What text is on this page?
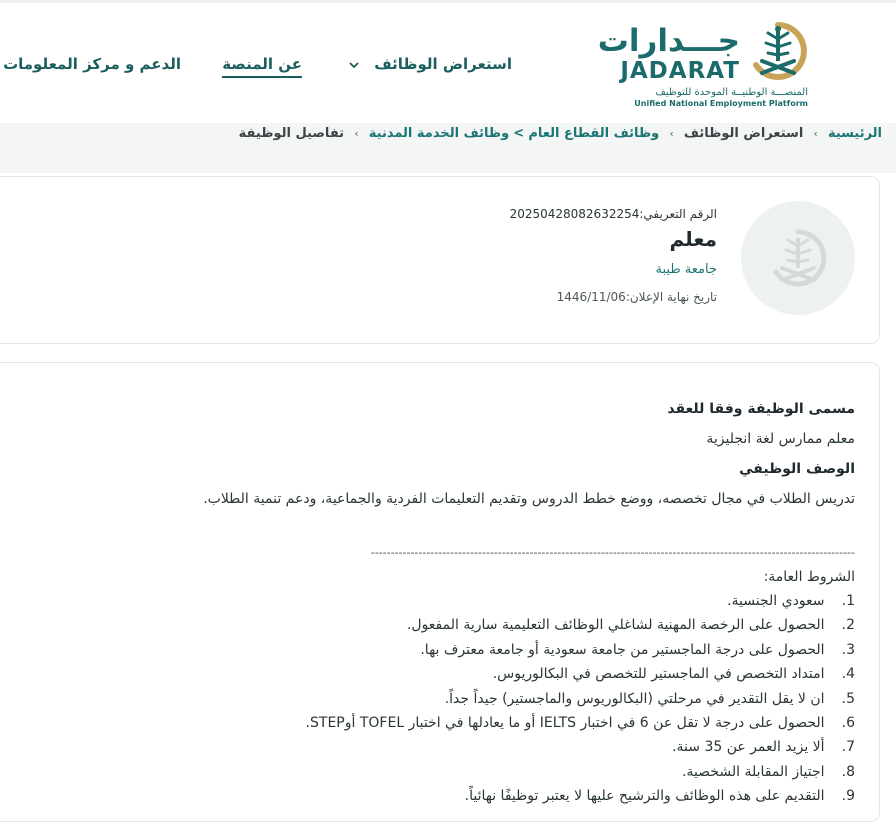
جـــدارات
JADARAT
المنصـــة الوطنيــة الموحدة للتوظيف
Unified National Employment Platform
استعراض الوظائف
عن المنصة
الدعم و مركز المعلومات
الرئيسية › استعراض الوظائف › وظائف القطاع العام > وظائف الخدمة المدنية › تفاصيل الوظيفة
الرقم التعريفي:20250428082632254
معلم
جامعة طيبة
تاريخ نهاية الإعلان:1446/11/06
مسمى الوظيفة وفقا للعقد
معلم ممارس لغة انجليزية
الوصف الوظيفي
تدريس الطلاب في مجال تخصصه، ووضع خطط الدروس وتقديم التعليمات الفردية والجماعية، ودعم تنمية الطلاب.
--------------------------------------------------------------------------------------------------------------------------
الشروط العامة:
1. سعودي الجنسية.
2. الحصول على الرخصة المهنية لشاغلي الوظائف التعليمية سارية المفعول.
3. الحصول على درجة الماجستير من جامعة سعودية أو جامعة معترف بها.
4. امتداد التخصص في الماجستير للتخصص في البكالوريوس.
5. ان لا يقل التقدير في مرحلتي (البكالوريوس والماجستير) جيداً جداً.
6. الحصول على درجة لا تقل عن 6 في اختبار IELTS أو ما يعادلها في اختبار TOFEL أوSTEP.
7. ألا يزيد العمر عن 35 سنة.
8. اجتياز المقابلة الشخصية.
9. التقديم على هذه الوظائف والترشيح عليها لا يعتبر توظيفًا نهائياً.
